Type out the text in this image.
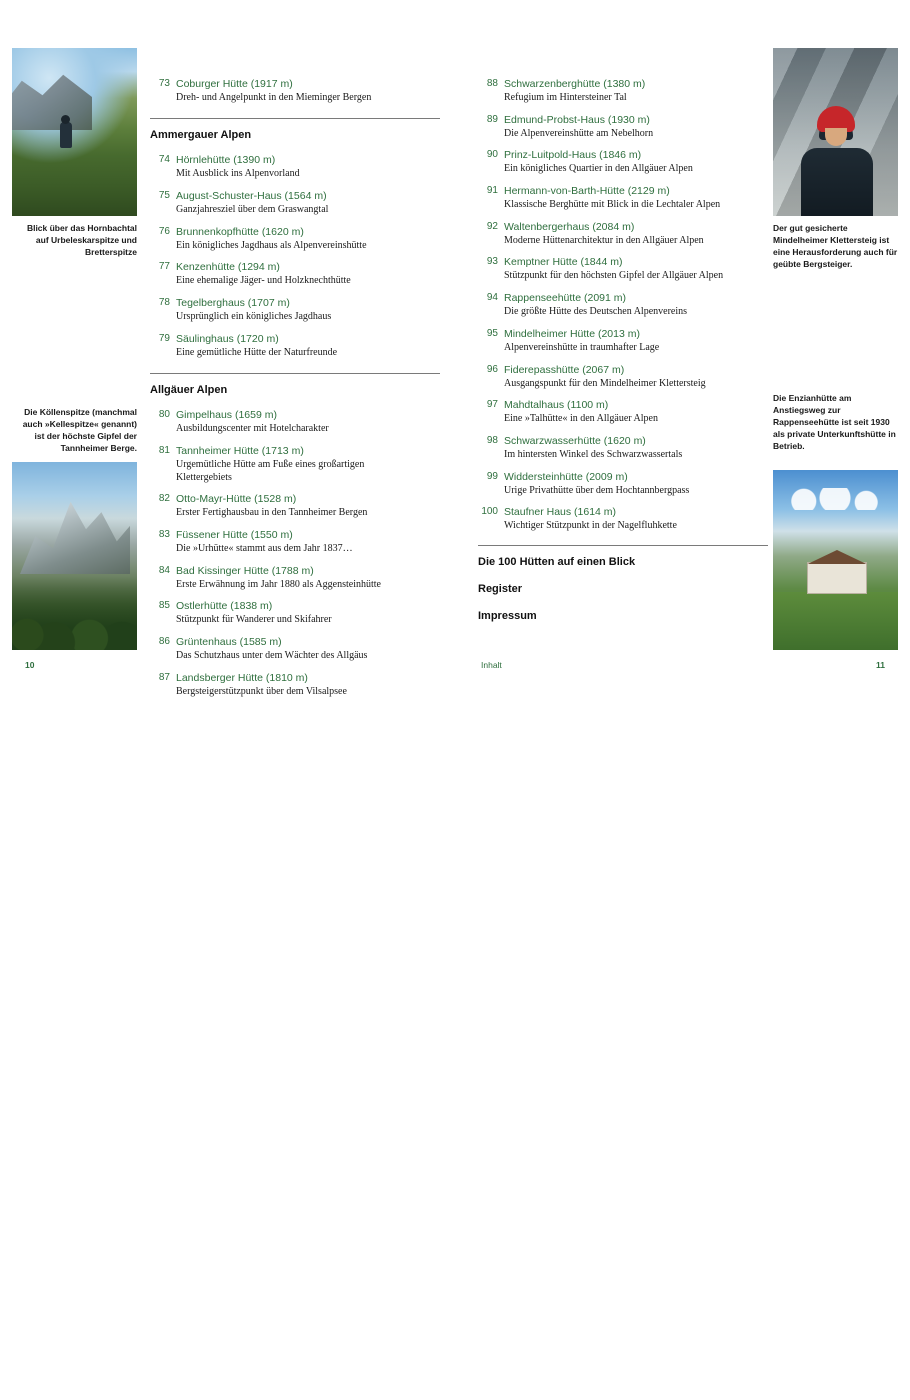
Blick über das Hornbachtal auf Urbeleskarspitze und Bretterspitze
Die Köllenspitze (manchmal auch »Kellespitze« genannt) ist der höchste Gipfel der Tannheimer Berge.
Der gut gesicherte Mindelheimer Klettersteig ist eine Herausforderung auch für geübte Bergsteiger.
Die Enzianhütte am Anstiegsweg zur Rappenseehütte ist seit 1930 als private Unterkunftshütte in Betrieb.
73 Coburger Hütte (1917 m)
Dreh- und Angelpunkt in den Mieminger Bergen
Ammergauer Alpen
74 Hörnlehütte (1390 m)
Mit Ausblick ins Alpenvorland
75 August-Schuster-Haus (1564 m)
Ganzjahresziel über dem Graswangtal
76 Brunnenkopfhütte (1620 m)
Ein königliches Jagdhaus als Alpenvereinshütte
77 Kenzenhütte (1294 m)
Eine ehemalige Jäger- und Holzknechthütte
78 Tegelberghaus (1707 m)
Ursprünglich ein königliches Jagdhaus
79 Säulinghaus (1720 m)
Eine gemütliche Hütte der Naturfreunde
Allgäuer Alpen
80 Gimpelhaus (1659 m)
Ausbildungscenter mit Hotelcharakter
81 Tannheimer Hütte (1713 m)
Urgemütliche Hütte am Fuße eines großartigen Klettergebiets
82 Otto-Mayr-Hütte (1528 m)
Erster Fertighausbau in den Tannheimer Bergen
83 Füssener Hütte (1550 m)
Die »Urhütte« stammt aus dem Jahr 1837…
84 Bad Kissinger Hütte (1788 m)
Erste Erwähnung im Jahr 1880 als Aggensteinhütte
85 Ostlerhütte (1838 m)
Stützpunkt für Wanderer und Skifahrer
86 Grüntenhaus (1585 m)
Das Schutzhaus unter dem Wächter des Allgäus
87 Landsberger Hütte (1810 m)
Bergsteigerstützpunkt über dem Vilsalpsee
88 Schwarzenberghütte (1380 m)
Refugium im Hintersteiner Tal
89 Edmund-Probst-Haus (1930 m)
Die Alpenvereinshütte am Nebelhorn
90 Prinz-Luitpold-Haus (1846 m)
Ein königliches Quartier in den Allgäuer Alpen
91 Hermann-von-Barth-Hütte (2129 m)
Klassische Berghütte mit Blick in die Lechtaler Alpen
92 Waltenbergerhaus (2084 m)
Moderne Hüttenarchitektur in den Allgäuer Alpen
93 Kemptner Hütte (1844 m)
Stützpunkt für den höchsten Gipfel der Allgäuer Alpen
94 Rappenseehütte (2091 m)
Die größte Hütte des Deutschen Alpenvereins
95 Mindelheimer Hütte (2013 m)
Alpenvereinshütte in traumhafter Lage
96 Fiderepasshütte (2067 m)
Ausgangspunkt für den Mindelheimer Klettersteig
97 Mahdtalhaus (1100 m)
Eine »Talhütte« in den Allgäuer Alpen
98 Schwarzwasserhütte (1620 m)
Im hintersten Winkel des Schwarzwassertals
99 Widdersteinhütte (2009 m)
Urige Privathütte über dem Hochtannbergpass
100 Staufner Haus (1614 m)
Wichtiger Stützpunkt in der Nagelfluhkette
Die 100 Hütten auf einen Blick
Register
Impressum
10	Inhalt	11
